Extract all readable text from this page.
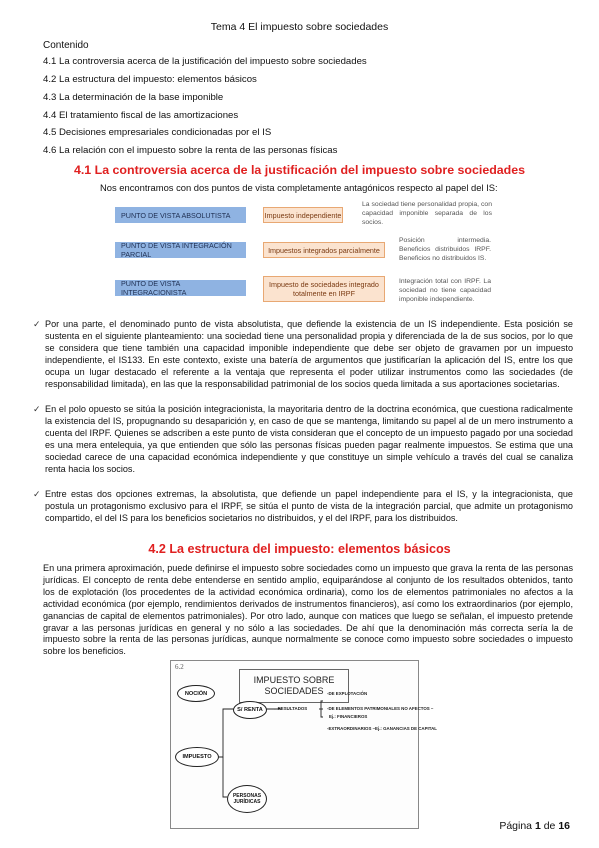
Tema 4 El impuesto sobre sociedades
Contenido
4.1 La controversia acerca de la justificación del impuesto sobre sociedades
4.2 La estructura del impuesto: elementos básicos
4.3 La determinación de la base imponible
4.4 El tratamiento fiscal de las amortizaciones
4.5 Decisiones empresariales condicionadas por el IS
4.6 La relación con el impuesto sobre la renta de las personas físicas
4.1 La controversia acerca de la justificación del impuesto sobre sociedades
Nos encontramos con dos puntos de vista completamente antagónicos respecto al papel del IS:
PUNTO DE VISTA ABSOLUTISTA	Impuesto independiente
La sociedad tiene personalidad propia, con capacidad imponible separada de los socios.
PUNTO DE VISTA INTEGRACIÓN PARCIAL	Impuestos integrados parcialmente
Posición intermedia. Beneficios distribuidos IRPF. Beneficios no distribuidos IS.
PUNTO DE VISTA INTEGRACIONISTA
Impuesto de sociedades integrado totalmente en IRPF
Integración total con IRPF. La sociedad no tiene capacidad imponible independiente.
✓ Por una parte, el denominado punto de vista absolutista, que defiende la existencia de un IS independiente. Esta posición se sustenta en el siguiente planteamiento: una sociedad tiene una personalidad propia y diferenciada de la de sus socios, por lo que se considera que tiene también una capacidad imponible independiente que debe ser objeto de gravamen por un impuesto independiente, el IS133. En este contexto, existe una batería de argumentos que justificarían la aplicación del IS, entre los que ocupa un lugar destacado el referente a la ventaja que representa el poder utilizar instrumentos como las sociedades (de responsabilidad limitada), en las que la responsabilidad patrimonial de los socios queda limitada a sus aportaciones societarias.
✓ En el polo opuesto se sitúa la posición integracionista, la mayoritaria dentro de la doctrina económica, que cuestiona radicalmente la existencia del IS, propugnando su desaparición y, en caso de que se mantenga, limitando su papel al de un mero instrumento a cuenta del IRPF. Quienes se adscriben a este punto de vista consideran que el concepto de un impuesto pagado por una sociedad es una mera entelequia, ya que entienden que sólo las personas físicas pueden pagar realmente impuestos. Se estima que una sociedad carece de una capacidad económica independiente y que constituye un simple vehículo a través del cual se canaliza renta hacia los socios.
✓ Entre estas dos opciones extremas, la absolutista, que defiende un papel independiente para el IS, y la integracionista, que postula un protagonismo exclusivo para el IRPF, se sitúa el punto de vista de la integración parcial, que admite un protagonismo compartido, el del IS para los beneficios societarios no distribuidos, y el del IRPF, para los distribuidos.
4.2 La estructura del impuesto: elementos básicos
En una primera aproximación, puede definirse el impuesto sobre sociedades como un impuesto que grava la renta de las personas jurídicas. El concepto de renta debe entenderse en sentido amplio, equiparándose al conjunto de los resultados obtenidos, tanto los de explotación (los procedentes de la actividad económica ordinaria), como los de elementos patrimoniales no afectos a la actividad económica (por ejemplo, rendimientos derivados de instrumentos financieros), así como los extraordinarios (por ejemplo, ganancias de capital de elementos patrimoniales). Por otro lado, aunque con matices que luego se señalan, el impuesto pretende gravar a las personas jurídicas en general y no sólo a las sociedades. De ahí que la denominación más correcta sería la de impuesto sobre la renta de las personas jurídicas, aunque normalmente se conoce como impuesto sobre sociedades o impuesto sobre los beneficios.
6.2
IMPUESTO SOBRE SOCIEDADES
NOCIÓN
IMPUESTO
S/ RENTA
PERSONAS JURÍDICAS
→ RESULTADOS
-DE EXPLOTACIÓN
-DE ELEMENTOS PATRIMONIALES NO AFECTOS –
Ej.: FINANCIEROS
-EXTRAORDINARIOS –Ej.: GANANCIAS DE CAPITAL
Página 1 de 16
